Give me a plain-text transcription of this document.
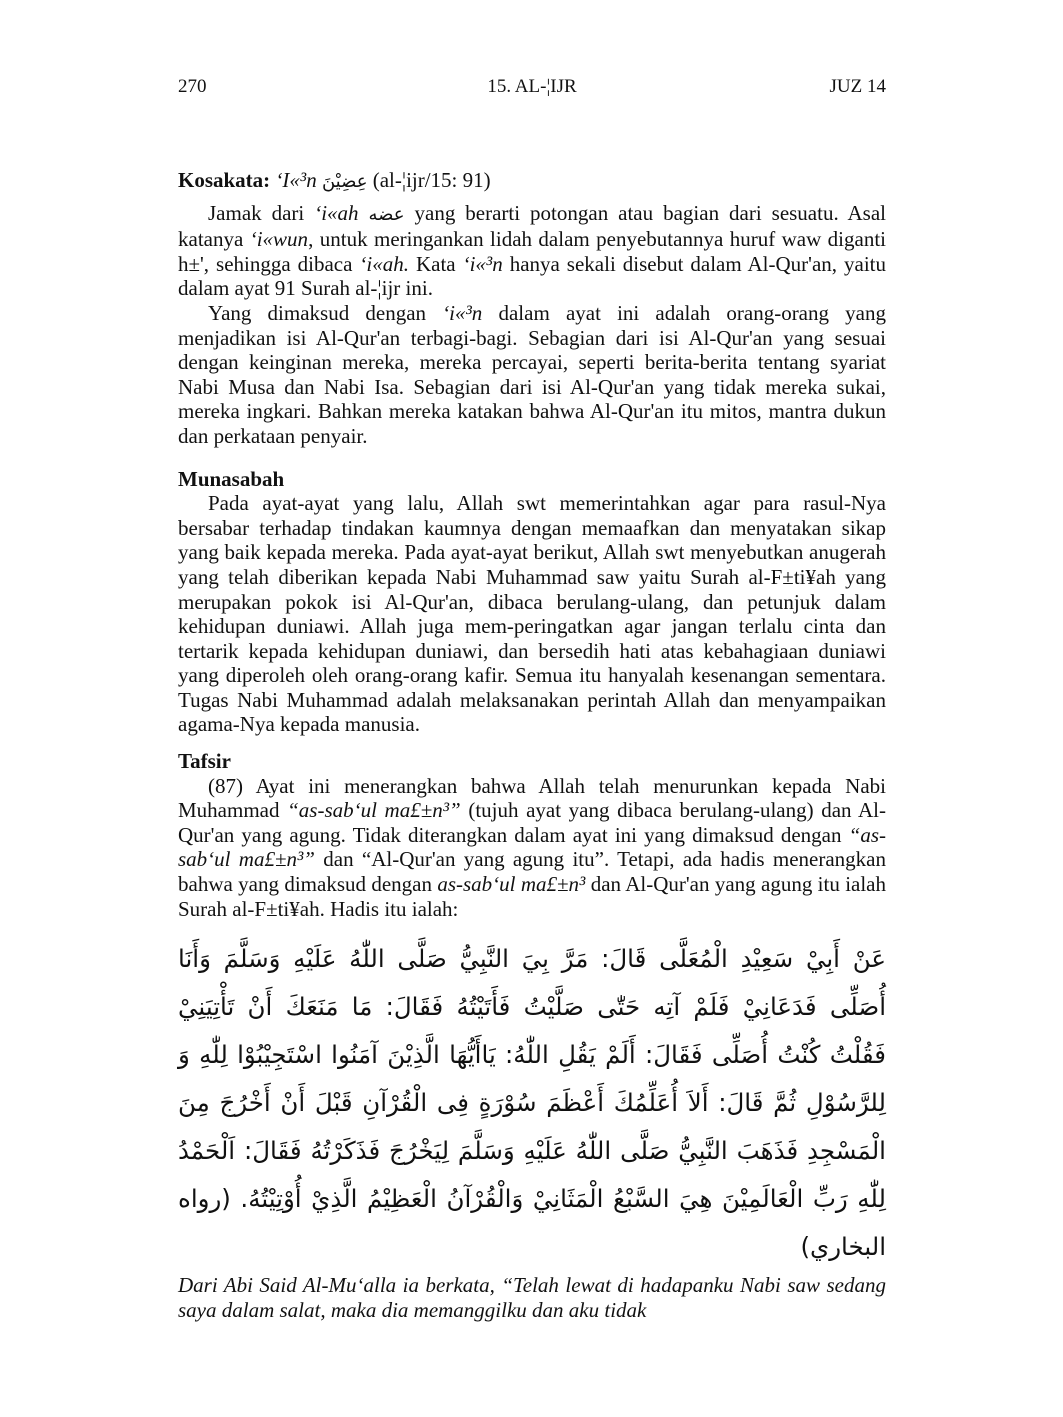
270	15. AL-¦IJR	JUZ 14

Kosakata: ‘I«³n عِضِيْنَ (al-¦ijr/15: 91)

Jamak dari ‘i«ah عضه yang berarti potongan atau bagian dari sesuatu. Asal katanya ‘i«wun, untuk meringankan lidah dalam penyebutannya huruf waw diganti h±', sehingga dibaca ‘i«ah. Kata ‘i«³n hanya sekali disebut dalam Al-Qur'an, yaitu dalam ayat 91 Surah al-¦ijr ini.

Yang dimaksud dengan ‘i«³n dalam ayat ini adalah orang-orang yang menjadikan isi Al-Qur'an terbagi-bagi. Sebagian dari isi Al-Qur'an yang sesuai dengan keinginan mereka, mereka percayai, seperti berita-berita tentang syariat Nabi Musa dan Nabi Isa. Sebagian dari isi Al-Qur'an yang tidak mereka sukai, mereka ingkari. Bahkan mereka katakan bahwa Al-Qur'an itu mitos, mantra dukun dan perkataan penyair.

Munasabah

Pada ayat-ayat yang lalu, Allah swt memerintahkan agar para rasul-Nya bersabar terhadap tindakan kaumnya dengan memaafkan dan menyatakan sikap yang baik kepada mereka. Pada ayat-ayat berikut, Allah swt menyebutkan anugerah yang telah diberikan kepada Nabi Muhammad saw yaitu Surah al-F±ti¥ah yang merupakan pokok isi Al-Qur'an, dibaca berulang-ulang, dan petunjuk dalam kehidupan duniawi. Allah juga mem-peringatkan agar jangan terlalu cinta dan tertarik kepada kehidupan duniawi, dan bersedih hati atas kebahagiaan duniawi yang diperoleh oleh orang-orang kafir. Semua itu hanyalah kesenangan sementara. Tugas Nabi Muhammad adalah melaksanakan perintah Allah dan menyampaikan agama-Nya kepada manusia.

Tafsir

(87) Ayat ini menerangkan bahwa Allah telah menurunkan kepada Nabi Muhammad “as-sab‘ul ma£±n³” (tujuh ayat yang dibaca berulang-ulang) dan Al-Qur'an yang agung. Tidak diterangkan dalam ayat ini yang dimaksud dengan “as-sab‘ul ma£±n³” dan “Al-Qur'an yang agung itu”. Tetapi, ada hadis menerangkan bahwa yang dimaksud dengan as-sab‘ul ma£±n³ dan Al-Qur'an yang agung itu ialah Surah al-F±ti¥ah. Hadis itu ialah:

عَنْ أَبِيْ سَعِيْدِ الْمُعَلَّى قَالَ: مَرَّ بِيَ النَّبِيُّ صَلَّى اللّٰهُ عَلَيْهِ وَسَلَّمَ وَأَنَا أُصَلِّى فَدَعَانِيْ فَلَمْ آتِه حَتّٰى صَلَّيْتُ فَأَتَيْتُهُ فَقَالَ: مَا مَنَعَكَ أَنْ تَأْتِيَنِيْ فَقُلْتُ كُنْتُ أُصَلِّى فَقَالَ: أَلَمْ يَقُلِ اللّٰهُ: يَاأَيُّهَا الَّذِيْنَ آمَنُوا اسْتَجِيْبُوْا لِلّٰهِ وَ لِلرَّسُوْلِ ثُمَّ قَالَ: أَلاَ أُعَلِّمُكَ أَعْظَمَ سُوْرَةٍ فِى الْقُرْآنِ قَبْلَ أَنْ أَخْرُجَ مِنَ الْمَسْجِدِ فَذَهَبَ النَّبِيُّ صَلَّى اللّٰهُ عَلَيْهِ وَسَلَّمَ لِيَخْرُجَ فَذَكَرْتُهُ فَقَالَ: اَلْحَمْدُ لِلّٰهِ رَبِّ الْعَالَمِيْنَ هِيَ السَّبْعُ الْمَثَانِيْ وَالْقُرْآنُ الْعَظِيْمُ الَّذِيْ أُوْتِيْتُهُ. (رواه البخاري)

Dari Abi Said Al-Mu‘alla ia berkata, “Telah lewat di hadapanku Nabi saw sedang saya dalam salat, maka dia memanggilku dan aku tidak
